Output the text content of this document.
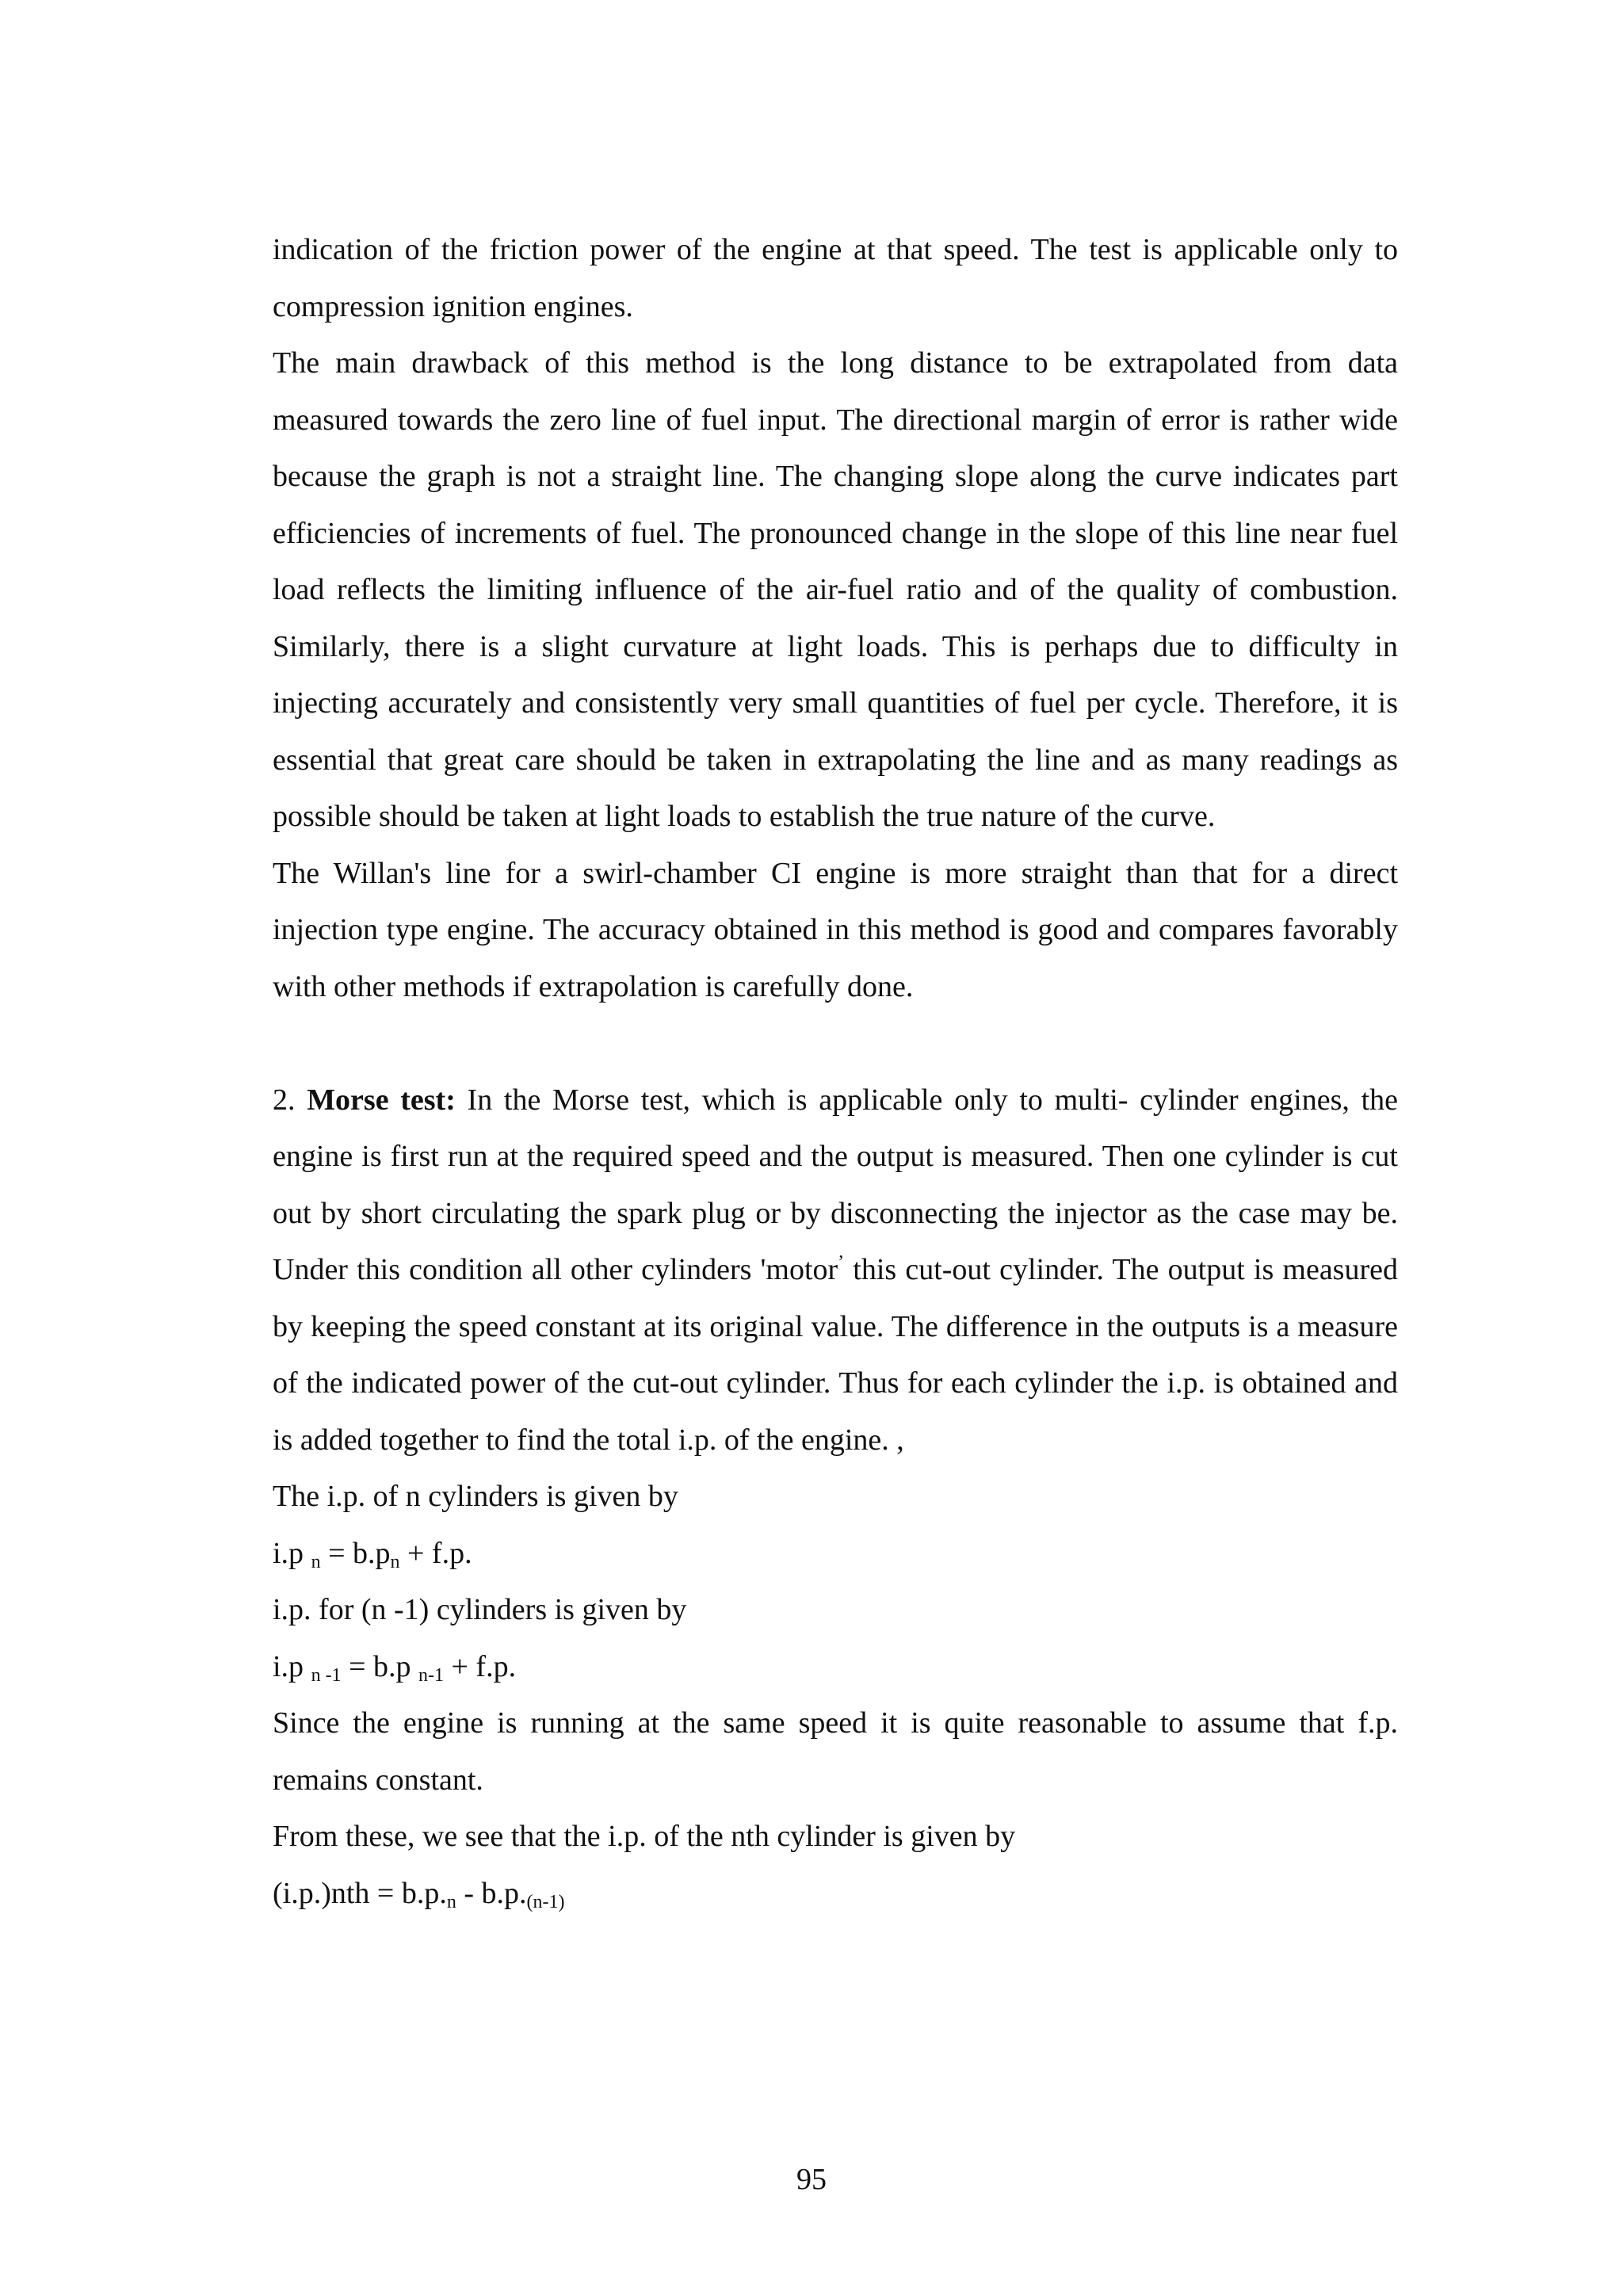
indication of the friction power of the engine at that speed. The test is applicable only to compression ignition engines.

The main drawback of this method is the long distance to be extrapolated from data measured towards the zero line of fuel input. The directional margin of error is rather wide because the graph is not a straight line. The changing slope along the curve indicates part efficiencies of increments of fuel. The pronounced change in the slope of this line near fuel load reflects the limiting influence of the air-fuel ratio and of the quality of combustion. Similarly, there is a slight curvature at light loads. This is perhaps due to difficulty in injecting accurately and consistently very small quantities of fuel per cycle. Therefore, it is essential that great care should be taken in extrapolating the line and as many readings as possible should be taken at light loads to establish the true nature of the curve.

The Willan's line for a swirl-chamber CI engine is more straight than that for a direct injection type engine. The accuracy obtained in this method is good and compares favorably with other methods if extrapolation is carefully done.

2. Morse test: In the Morse test, which is applicable only to multi- cylinder engines, the engine is first run at the required speed and the output is measured. Then one cylinder is cut out by short circulating the spark plug or by disconnecting the injector as the case may be. Under this condition all other cylinders 'motor’ this cut-out cylinder. The output is measured by keeping the speed constant at its original value. The difference in the outputs is a measure of the indicated power of the cut-out cylinder. Thus for each cylinder the i.p. is obtained and is added together to find the total i.p. of the engine. ,

The i.p. of n cylinders is given by

i.p $_n = b.p_n + f.p$.

i.p. for (n -1) cylinders is given by

i.p $_{n -1}$ = b.p $_{n-1}$ + f.p.

Since the engine is running at the same speed it is quite reasonable to assume that f.p. remains constant.

From these, we see that the i.p. of the nth cylinder is given by

$(i.p.)nth = b.p._n - b.p._{(n-1)}$

95
